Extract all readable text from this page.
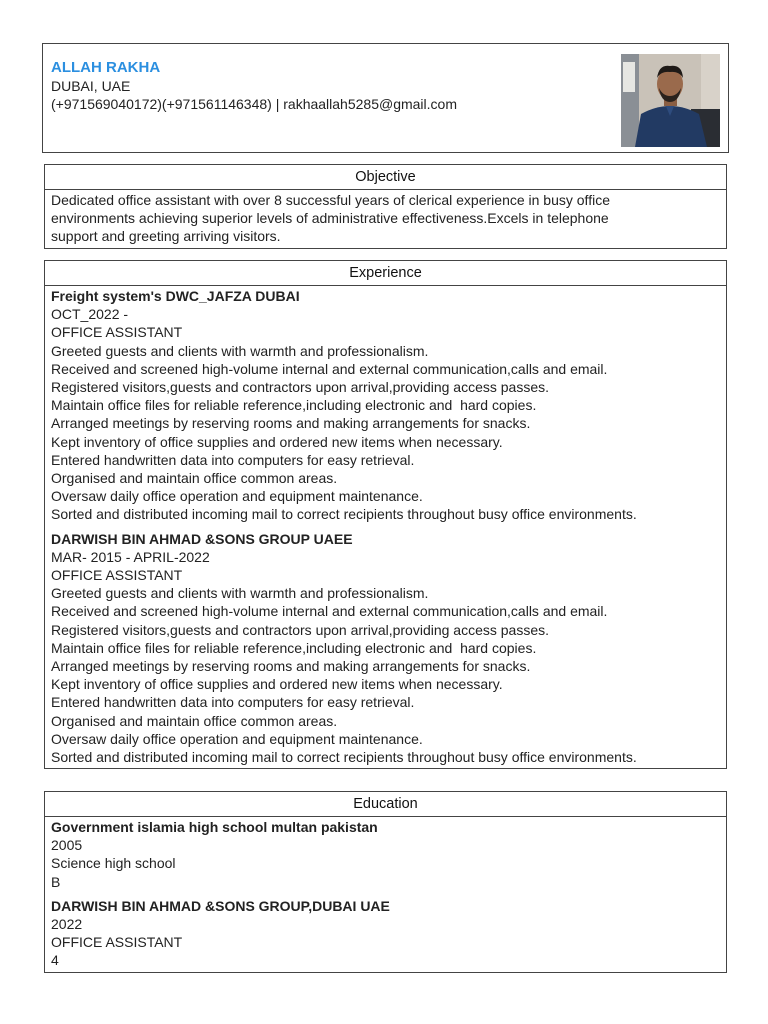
ALLAH RAKHA
DUBAI, UAE
(+971569040172)(+971561146348) | rakhaallah5285@gmail.com
Objective
Dedicated office assistant with over 8 successful years of clerical experience in busy office
environments achieving superior levels of administrative effectiveness.Excels in telephone
support and greeting arriving visitors.
Experience
Freight system's DWC_JAFZA DUBAI
OCT_2022 -
OFFICE ASSISTANT
Greeted guests and clients with warmth and professionalism.
Received and screened high-volume internal and external communication,calls and email.
Registered visitors,guests and contractors upon arrival,providing access passes.
Maintain office files for reliable reference,including electronic and  hard copies.
Arranged meetings by reserving rooms and making arrangements for snacks.
Kept inventory of office supplies and ordered new items when necessary.
Entered handwritten data into computers for easy retrieval.
Organised and maintain office common areas.
Oversaw daily office operation and equipment maintenance.
Sorted and distributed incoming mail to correct recipients throughout busy office environments.
DARWISH BIN AHMAD &SONS GROUP UAEE
MAR- 2015 - APRIL-2022
OFFICE ASSISTANT
Greeted guests and clients with warmth and professionalism.
Received and screened high-volume internal and external communication,calls and email.
Registered visitors,guests and contractors upon arrival,providing access passes.
Maintain office files for reliable reference,including electronic and  hard copies.
Arranged meetings by reserving rooms and making arrangements for snacks.
Kept inventory of office supplies and ordered new items when necessary.
Entered handwritten data into computers for easy retrieval.
Organised and maintain office common areas.
Oversaw daily office operation and equipment maintenance.
Sorted and distributed incoming mail to correct recipients throughout busy office environments.
Education
Government islamia high school multan pakistan
2005
Science high school
B
DARWISH BIN AHMAD &SONS GROUP,DUBAI UAE
2022
OFFICE ASSISTANT
4
